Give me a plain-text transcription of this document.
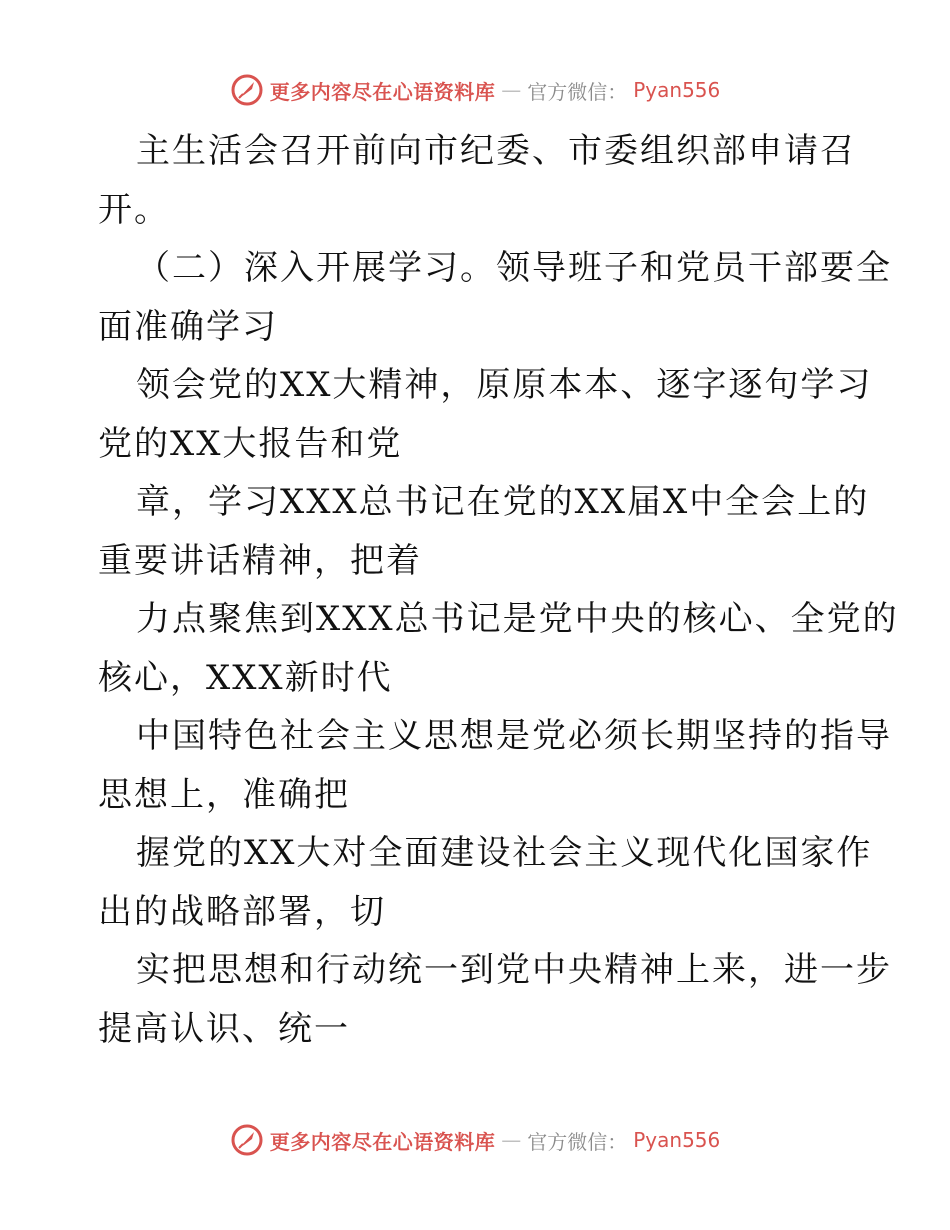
更多内容尽在心语资料库 — 官方微信： Pyan556
主生活会召开前向市纪委、市委组织部申请召
开。
（二）深入开展学习。领导班子和党员干部要全
面准确学习
领会党的XX大精神，原原本本、逐字逐句学习
党的XX大报告和党
章，学习XXX总书记在党的XX届X中全会上的
重要讲话精神，把着
力点聚焦到XXX总书记是党中央的核心、全党的
核心，XXX新时代
中国特色社会主义思想是党必须长期坚持的指导
思想上，准确把
握党的XX大对全面建设社会主义现代化国家作
出的战略部署，切
实把思想和行动统一到党中央精神上来，进一步
提高认识、统一
更多内容尽在心语资料库 — 官方微信： Pyan556
